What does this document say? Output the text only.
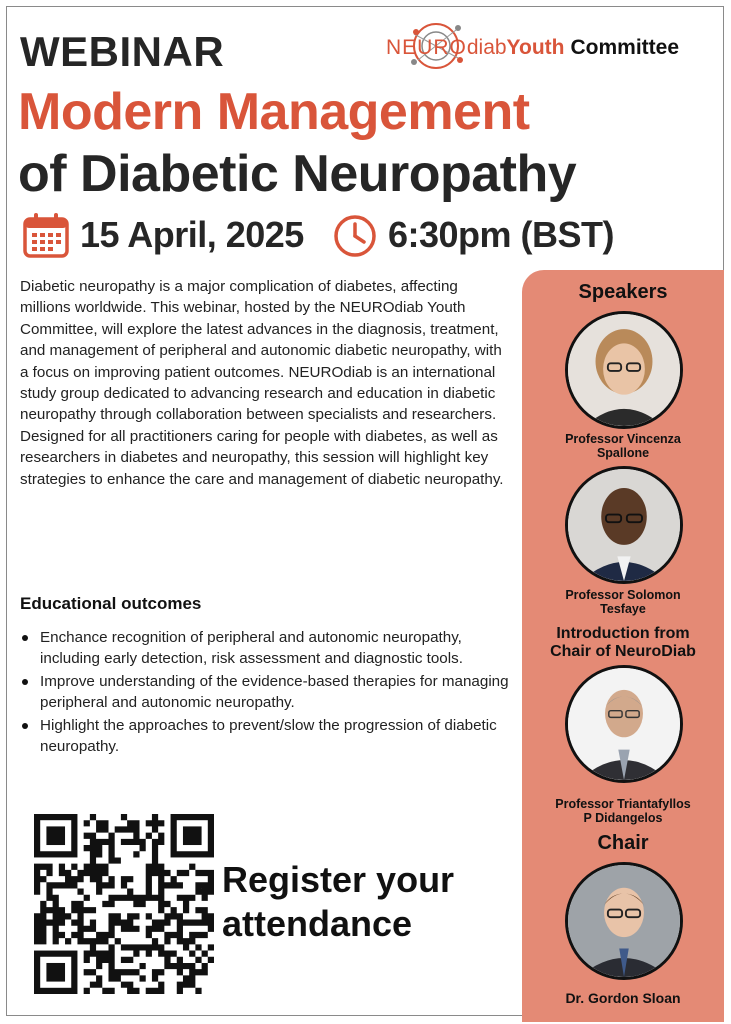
WEBINAR	NEUROdiabYouth Committee
Modern Management
of Diabetic Neuropathy
15 April, 2025 6:30pm (BST)
Diabetic neuropathy is a major complication of diabetes, affecting millions worldwide. This webinar, hosted by the NEUROdiab Youth Committee, will explore the latest advances in the diagnosis, treatment, and management of peripheral and autonomic diabetic neuropathy, with a focus on improving patient outcomes. NEUROdiab is an international study group dedicated to advancing research and education in diabetic neuropathy through collaboration between specialists and researchers. Designed for all practitioners caring for people with diabetes, as well as researchers in diabetes and neuropathy, this session will highlight key strategies to enhance the care and management of diabetic neuropathy.
Educational outcomes
Enchance recognition of peripheral and autonomic neuropathy, including early detection, risk assessment and diagnostic tools.
Improve understanding of the evidence-based therapies for managing peripheral and autonomic neuropathy.
Highlight the approaches to prevent/slow the progression of diabetic neuropathy.
Register your
attendance
Speakers
Professor Vincenza
Spallone
Professor Solomon
Tesfaye
Introduction from
Chair of NeuroDiab
Professor Triantafyllos
P Didangelos
Chair
Dr. Gordon Sloan
